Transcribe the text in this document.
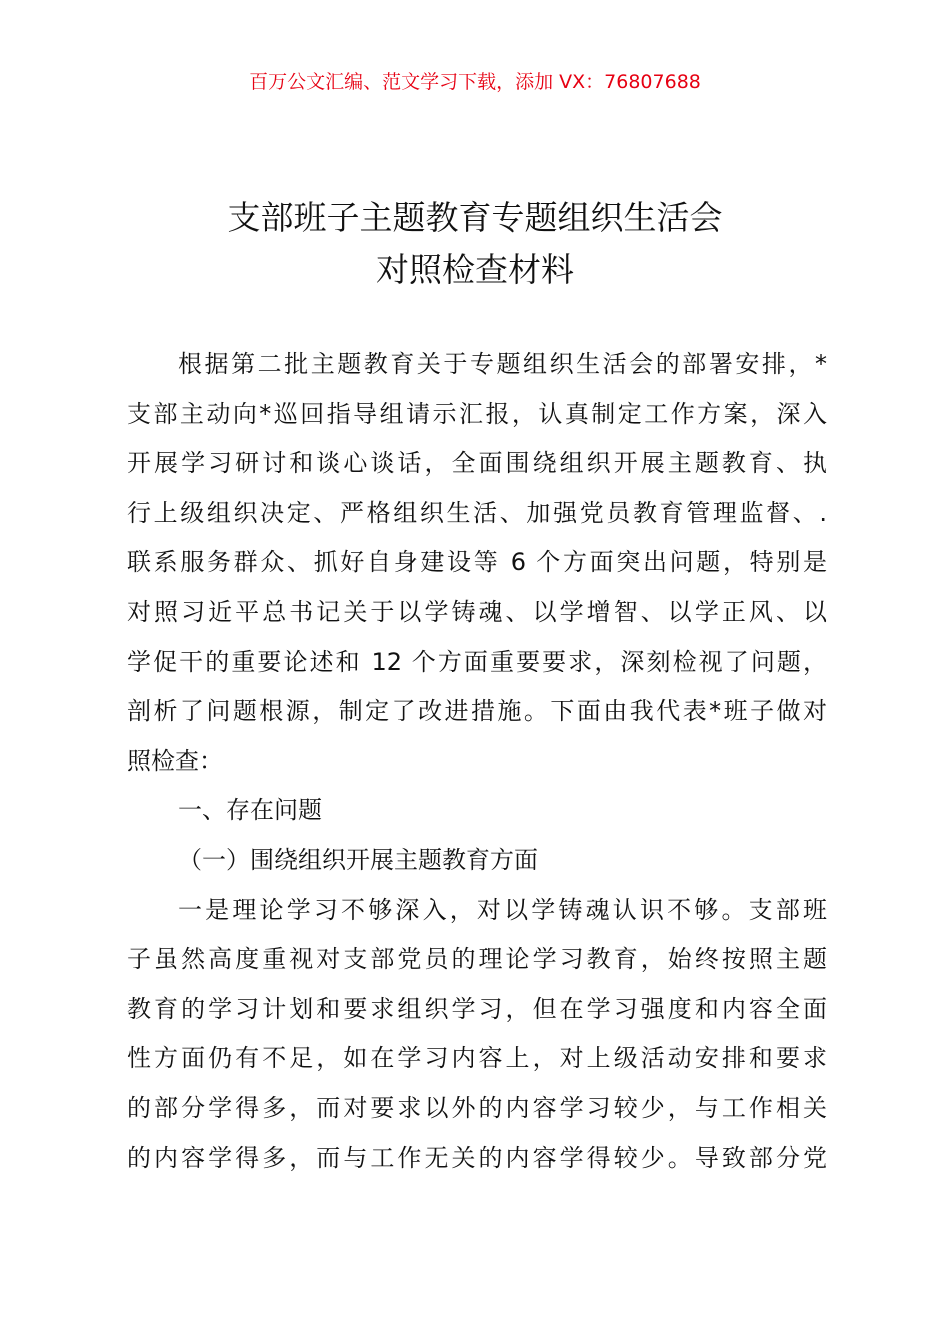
百万公文汇编、范文学习下载，添加 VX：76807688
支部班子主题教育专题组织生活会
对照检查材料
根据第二批主题教育关于专题组织生活会的部署安排，*
支部主动向*巡回指导组请示汇报，认真制定工作方案，深入
开展学习研讨和谈心谈话，全面围绕组织开展主题教育、执
行上级组织决定、严格组织生活、加强党员教育管理监督、.
联系服务群众、抓好自身建设等 6 个方面突出问题，特别是
对照习近平总书记关于以学铸魂、以学增智、以学正风、以
学促干的重要论述和 12 个方面重要要求，深刻检视了问题，
剖析了问题根源，制定了改进措施。下面由我代表*班子做对
照检查：
一、存在问题
（一）围绕组织开展主题教育方面
一是理论学习不够深入，对以学铸魂认识不够。支部班
子虽然高度重视对支部党员的理论学习教育，始终按照主题
教育的学习计划和要求组织学习，但在学习强度和内容全面
性方面仍有不足，如在学习内容上，对上级活动安排和要求
的部分学得多，而对要求以外的内容学习较少，与工作相关
的内容学得多，而与工作无关的内容学得较少。导致部分党
